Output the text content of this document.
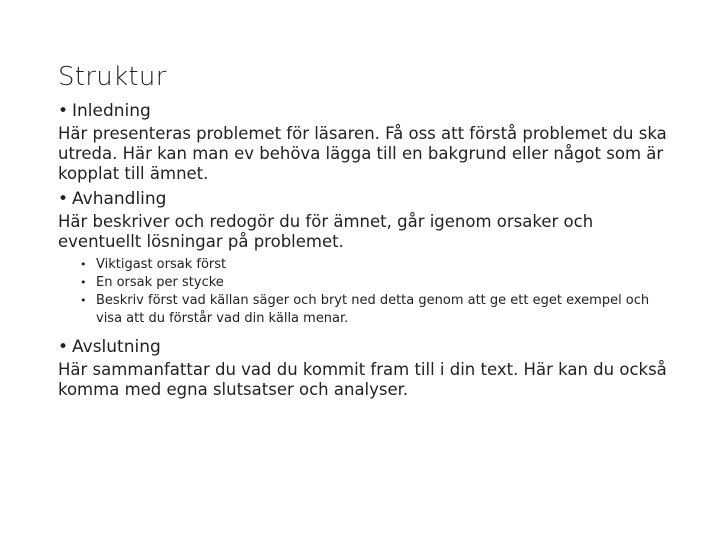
Struktur

• Inledning

Här presenteras problemet för läsaren. Få oss att förstå problemet du ska utreda. Här kan man ev behöva lägga till en bakgrund eller något som är kopplat till ämnet.

• Avhandling

Här beskriver och redogör du för ämnet, går igenom orsaker och eventuellt lösningar på problemet.

• Viktigast orsak först
• En orsak per stycke
• Beskriv först vad källan säger och bryt ned detta genom att ge ett eget exempel och visa att du förstår vad din källa menar.

• Avslutning

Här sammanfattar du vad du kommit fram till i din text. Här kan du också komma med egna slutsatser och analyser.
